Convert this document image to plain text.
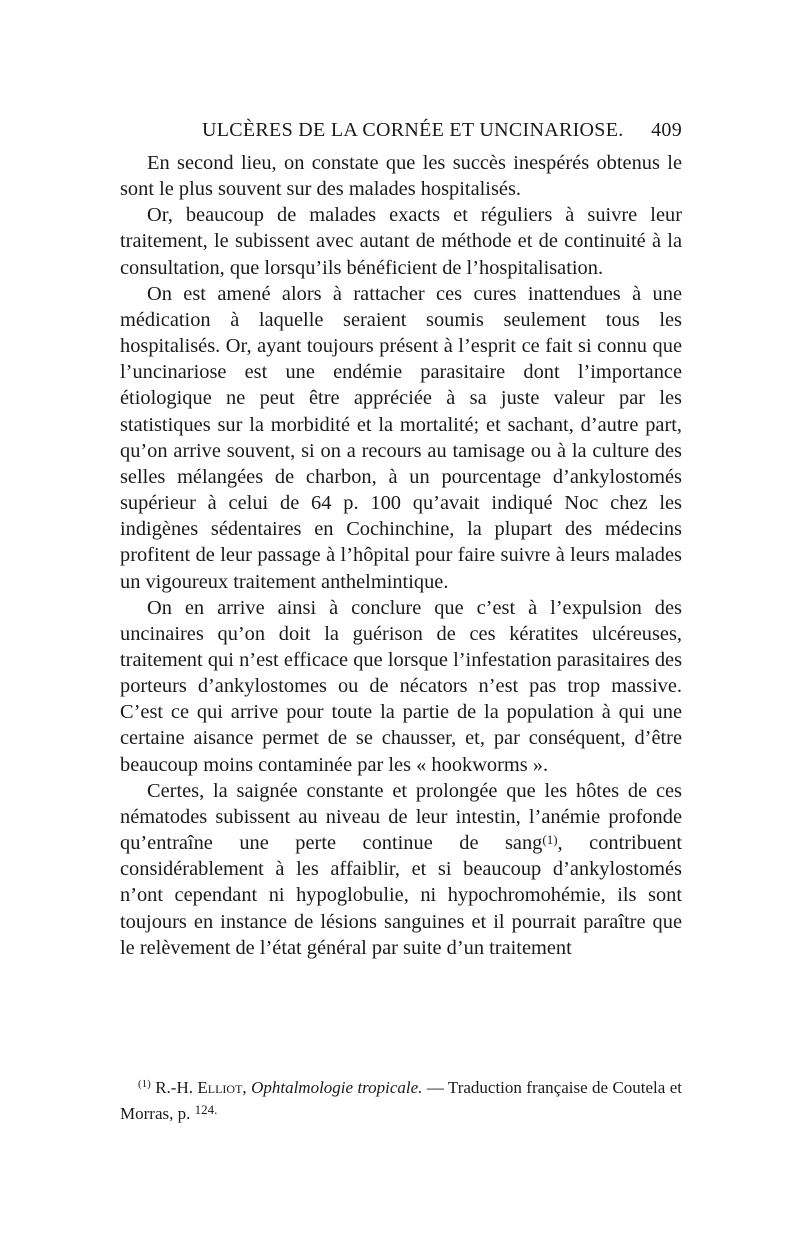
ULCÈRES DE LA CORNÉE ET UNCINARIOSE. 409

En second lieu, on constate que les succès inespérés obtenus le sont le plus souvent sur des malades hospitalisés.

Or, beaucoup de malades exacts et réguliers à suivre leur traitement, le subissent avec autant de méthode et de continuité à la consultation, que lorsqu’ils bénéficient de l’hospitalisation.

On est amené alors à rattacher ces cures inattendues à une médication à laquelle seraient soumis seulement tous les hospitalisés. Or, ayant toujours présent à l’esprit ce fait si connu que l’uncinariose est une endémie parasitaire dont l’importance étiologique ne peut être appréciée à sa juste valeur par les statistiques sur la morbidité et la mortalité; et sachant, d’autre part, qu’on arrive souvent, si on a recours au tamisage ou à la culture des selles mélangées de charbon, à un pourcentage d’ankylostomés supérieur à celui de 64 p. 100 qu’avait indiqué Noc chez les indigènes sédentaires en Cochinchine, la plupart des médecins profitent de leur passage à l’hôpital pour faire suivre à leurs malades un vigoureux traitement anthelmintique.

On en arrive ainsi à conclure que c’est à l’expulsion des uncinaires qu’on doit la guérison de ces kératites ulcéreuses, traitement qui n’est efficace que lorsque l’infestation parasitaires des porteurs d’ankylostomes ou de nécators n’est pas trop massive. C’est ce qui arrive pour toute la partie de la population à qui une certaine aisance permet de se chausser, et, par conséquent, d’être beaucoup moins contaminée par les « hookworms ».

Certes, la saignée constante et prolongée que les hôtes de ces nématodes subissent au niveau de leur intestin, l’anémie profonde qu’entraîne une perte continue de sang$^{(1)}$, contribuent considérablement à les affaiblir, et si beaucoup d’ankylostomés n’ont cependant ni hypoglobulie, ni hypochromohémie, ils sont toujours en instance de lésions sanguines et il pourrait paraître que le relèvement de l’état général par suite d’un traitement

$^{(1)}$ R.-H. Elliot, Ophtalmologie tropicale. — Traduction française de Coutela et Morras, p. $^{124.}$
